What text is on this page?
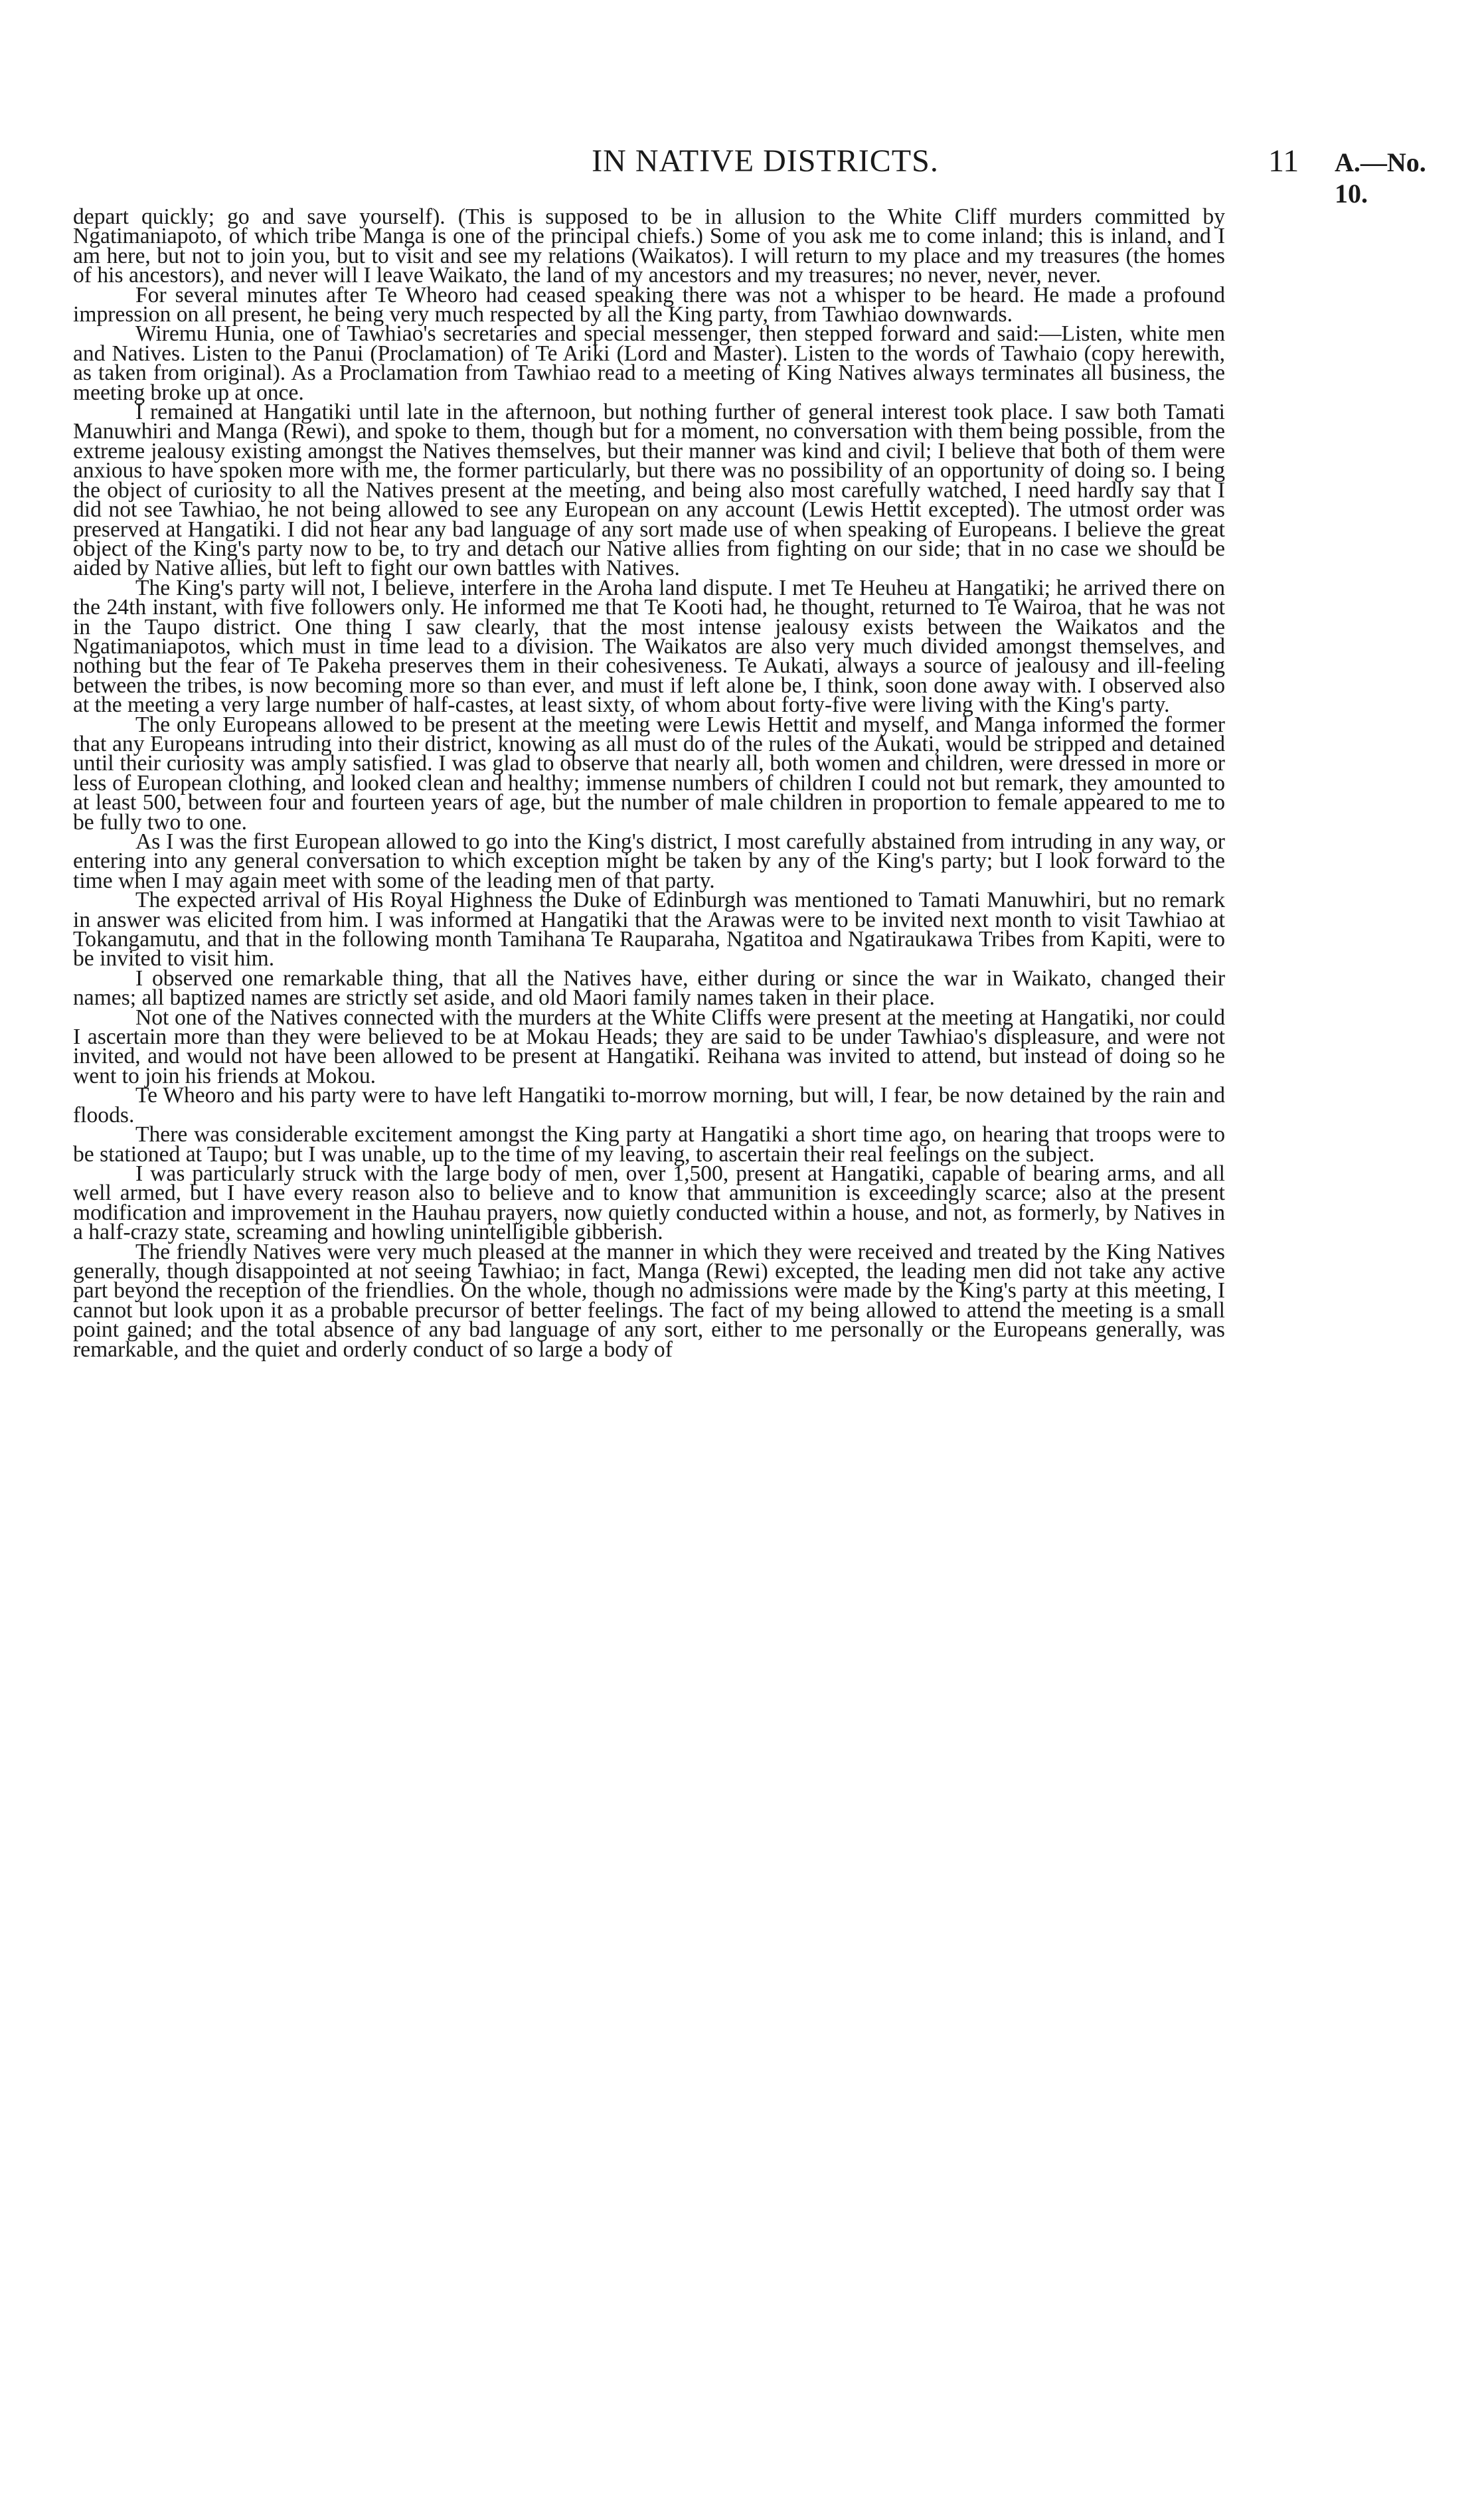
IN NATIVE DISTRICTS.	11 A.—No. 10.

depart quickly; go and save yourself). (This is supposed to be in allusion to the White Cliff murders committed by Ngatimaniapoto, of which tribe Manga is one of the principal chiefs.) Some of you ask me to come inland; this is inland, and I am here, but not to join you, but to visit and see my relations (Waikatos). I will return to my place and my treasures (the homes of his ancestors), and never will I leave Waikato, the land of my ancestors and my treasures; no never, never, never.

For several minutes after Te Wheoro had ceased speaking there was not a whisper to be heard. He made a profound impression on all present, he being very much respected by all the King party, from Tawhiao downwards.

Wiremu Hunia, one of Tawhiao's secretaries and special messenger, then stepped forward and said:—Listen, white men and Natives. Listen to the Panui (Proclamation) of Te Ariki (Lord and Master). Listen to the words of Tawhaio (copy herewith, as taken from original). As a Proclamation from Tawhiao read to a meeting of King Natives always terminates all business, the meeting broke up at once.

I remained at Hangatiki until late in the afternoon, but nothing further of general interest took place. I saw both Tamati Manuwhiri and Manga (Rewi), and spoke to them, though but for a moment, no conversation with them being possible, from the extreme jealousy existing amongst the Natives themselves, but their manner was kind and civil; I believe that both of them were anxious to have spoken more with me, the former particularly, but there was no possibility of an opportunity of doing so. I being the object of curiosity to all the Natives present at the meeting, and being also most carefully watched, I need hardly say that I did not see Tawhiao, he not being allowed to see any European on any account (Lewis Hettit excepted). The utmost order was preserved at Hangatiki. I did not hear any bad language of any sort made use of when speaking of Europeans. I believe the great object of the King's party now to be, to try and detach our Native allies from fighting on our side; that in no case we should be aided by Native allies, but left to fight our own battles with Natives.

The King's party will not, I believe, interfere in the Aroha land dispute. I met Te Heuheu at Hangatiki; he arrived there on the 24th instant, with five followers only. He informed me that Te Kooti had, he thought, returned to Te Wairoa, that he was not in the Taupo district. One thing I saw clearly, that the most intense jealousy exists between the Waikatos and the Ngatimaniapotos, which must in time lead to a division. The Waikatos are also very much divided amongst themselves, and nothing but the fear of Te Pakeha preserves them in their cohesiveness. Te Aukati, always a source of jealousy and ill-feeling between the tribes, is now becoming more so than ever, and must if left alone be, I think, soon done away with. I observed also at the meeting a very large number of half-castes, at least sixty, of whom about forty-five were living with the King's party.

The only Europeans allowed to be present at the meeting were Lewis Hettit and myself, and Manga informed the former that any Europeans intruding into their district, knowing as all must do of the rules of the Aukati, would be stripped and detained until their curiosity was amply satisfied. I was glad to observe that nearly all, both women and children, were dressed in more or less of European clothing, and looked clean and healthy; immense numbers of children I could not but remark, they amounted to at least 500, between four and fourteen years of age, but the number of male children in proportion to female appeared to me to be fully two to one.

As I was the first European allowed to go into the King's district, I most carefully abstained from intruding in any way, or entering into any general conversation to which exception might be taken by any of the King's party; but I look forward to the time when I may again meet with some of the leading men of that party.

The expected arrival of His Royal Highness the Duke of Edinburgh was mentioned to Tamati Manuwhiri, but no remark in answer was elicited from him. I was informed at Hangatiki that the Arawas were to be invited next month to visit Tawhiao at Tokangamutu, and that in the following month Tamihana Te Rauparaha, Ngatitoa and Ngatiraukawa Tribes from Kapiti, were to be invited to visit him.

I observed one remarkable thing, that all the Natives have, either during or since the war in Waikato, changed their names; all baptized names are strictly set aside, and old Maori family names taken in their place.

Not one of the Natives connected with the murders at the White Cliffs were present at the meeting at Hangatiki, nor could I ascertain more than they were believed to be at Mokau Heads; they are said to be under Tawhiao's displeasure, and were not invited, and would not have been allowed to be present at Hangatiki. Reihana was invited to attend, but instead of doing so he went to join his friends at Mokou.

Te Wheoro and his party were to have left Hangatiki to-morrow morning, but will, I fear, be now detained by the rain and floods.

There was considerable excitement amongst the King party at Hangatiki a short time ago, on hearing that troops were to be stationed at Taupo; but I was unable, up to the time of my leaving, to ascertain their real feelings on the subject.

I was particularly struck with the large body of men, over 1,500, present at Hangatiki, capable of bearing arms, and all well armed, but I have every reason also to believe and to know that ammunition is exceedingly scarce; also at the present modification and improvement in the Hauhau prayers, now quietly conducted within a house, and not, as formerly, by Natives in a half-crazy state, screaming and howling unintelligible gibberish.

The friendly Natives were very much pleased at the manner in which they were received and treated by the King Natives generally, though disappointed at not seeing Tawhiao; in fact, Manga (Rewi) excepted, the leading men did not take any active part beyond the reception of the friendlies. On the whole, though no admissions were made by the King's party at this meeting, I cannot but look upon it as a probable precursor of better feelings. The fact of my being allowed to attend the meeting is a small point gained; and the total absence of any bad language of any sort, either to me personally or the Europeans generally, was remarkable, and the quiet and orderly conduct of so large a body of
